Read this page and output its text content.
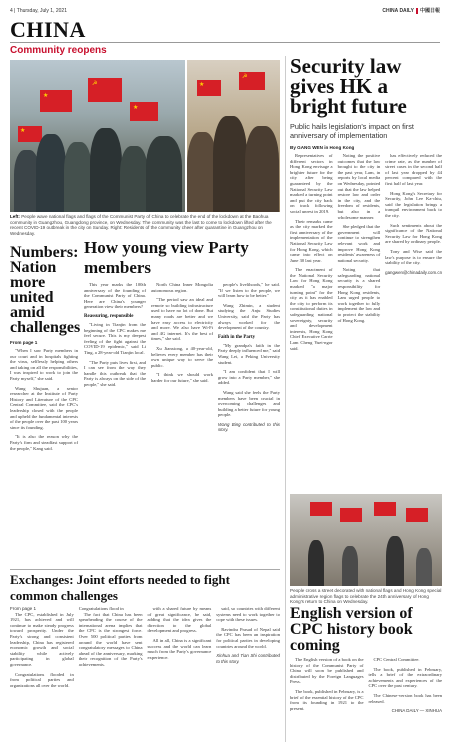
4 | Thursday, July 1, 2021	CHINA DAILY 中國日報
CHINA
Community reopens
★
☭
★
★
★
☭
Left: People wave national flags and flags of the Communist Party of China to celebrate the end of the lockdown at the Baohua community in Guangzhou, Guangdong province, on Wednesday. The community was the last to come to lockdown lifted after the recent COVID-19 outbreak in the city on Sunday. Right: Residents of the community cheer after quarantine in Guangzhou on Wednesday.
Security law gives HK a bright future
Public hails legislation's impact on first anniversary of implementation
By GANG WEN in Hong Kong

Representatives of different sectors in Hong Kong envisage a brighter future for the city after being guaranteed by the National Security Law marked a turning point and put the city back on track following social unrest in 2019.

Their remarks came as the city marked the first anniversary of the implementation of the National Security Law for Hong Kong, which came into effect on June 30 last year.

The enactment of the National Security Law for Hong Kong marked "a major turning point" for the city as it has enabled the city to perform its constitutional duties in safeguarding national sovereignty, security and development interests, Hong Kong Chief Executive Carrie Lam Cheng Yuet-ngor said.

Noting the positive outcomes that the law brought to the city in the past year, Lam, in reports by local media on Wednesday, pointed out that the law helped restore law and order in the city, and the freedom of residents, but also in a wholesome manner.

She pledged that the government will continue to strengthen relevant work and improve Hong Kong residents' awareness of national security.

Noting that safeguarding national security is a shared responsibility for Hong Kong residents, Lam urged people to work together to fully implement the law and to protect the stability of Hong Kong.

has effectively reduced the crime rate, as the number of street cases in the second half of last year dropped by 44 percent compared with the first half of last year.

Hong Kong's Secretary for Security, John Lee Ka-chiu, said the legislation brings a tranquil environment back to the city.

Such sentiments about the significance of the National Security Law for Hong Kong are shared by ordinary people.

Tony and Wise said the law's purpose is to ensure the stability of the city.

gangwen@chinadaily.com.cn
Numbers: Nation more united amid challenges
From page 1

"When I saw Party members in our court and in hospitals fighting the virus, selflessly helping others and taking on all the responsibilities, I was inspired to work to join the Party myself," she said.

Wang Shujuan, a senior researcher at the Institute of Party History and Literature of the CPC Central Committee, said the CPC's leadership closed with the people and upheld the fundamental interests of the people over the past 100 years since its founding.

"It is also the reason why the Party's firm and steadfast support of the people," Kang said.

How young view Party members

This year marks the 100th anniversary of the founding of the Communist Party of China. Here are China's younger generation view their members?

Reassuring, responsible

"Living in Tianjin from the beginning of the CPC makes me feel secure. This is my deepest feeling of the fight against the COVID-19 epidemic," said Li Ting, a 28-year-old Tianjin local.

"The Party puts lives first, and I can see from the way they handle this outbreak that the Party is always on the side of the people," she said.

North China Inner Mongolia autonomous region.

"The period saw an ideal and remote so building infrastructure used to have no lot of done. But many roads are better and we have easy access to electricity and more. We also have Wi-Fi and 4G internet. It's the best of times," she said.

Xu Jianxiong, a 40-year-old, believes every member has their own unique way to serve the public.

"I think we should work harder for our future," she said.

people's livelihoods," he said. "If we listen to the people, we will learn how to be better."

Wang Zhimin, a student studying the Anju Studies University, said the Party has always worked for the development of the country.

Faith in the Party

"My grandpa's faith in the Party deeply influenced me," said Wang Lei, a Peking University student.

"I am confident that I will grow into a Party member," she added.

Wang said she feels the Party members have been crucial in overcoming challenges and building a better future for young people.

Wang Bing contributed to this story.
Exchanges: Joint efforts needed to fight common challenges
From page 1

The CPC, established in July 1921, has achieved and will continue to make steady progress toward prosperity. Under the Party's strong and consistent leadership, China has registered economic growth and social stability while actively participating in global governance.

Congratulations flooded in from political parties and organizations all over the world.

Congratulations flood in

The fact that China has been spearheading the course of the international arena implies that the CPC is the strongest force. Over 500 political parties from around the world have sent congratulatory messages to China ahead of the anniversary, marking their recognition of the Party's achievements.

with a shared future by means of great significance, he said, adding that the idea gives the direction to the global development and progress.

All in all, China is a significant success and the world can learn much from the Party's governance experience.

said, so countries with different systems need to work together to cope with these issues.

Ravindra Prasad of Nepal said the CPC has been an inspiration for political parties in developing countries around the world.

Xinhua and Tian Shi contributed to this story.
People cross a street decorated with national flags and Hong Kong special administrative region flags to celebrate the 24th anniversary of Hong Kong's return to China on Wednesday.
English version of CPC history book coming

The English version of a book on the history of the Communist Party of China will soon be published and distributed by the Foreign Languages Press.

The book, published in February, is a brief of the essential history of the CPC from its founding in 1921 to the present.

CPC Central Committee.

The book, published in February, tells a brief of the extraordinary achievements and experiences of the CPC over the past century.

The Chinese-version book has been released.

CHINA DAILY — XINHUA
